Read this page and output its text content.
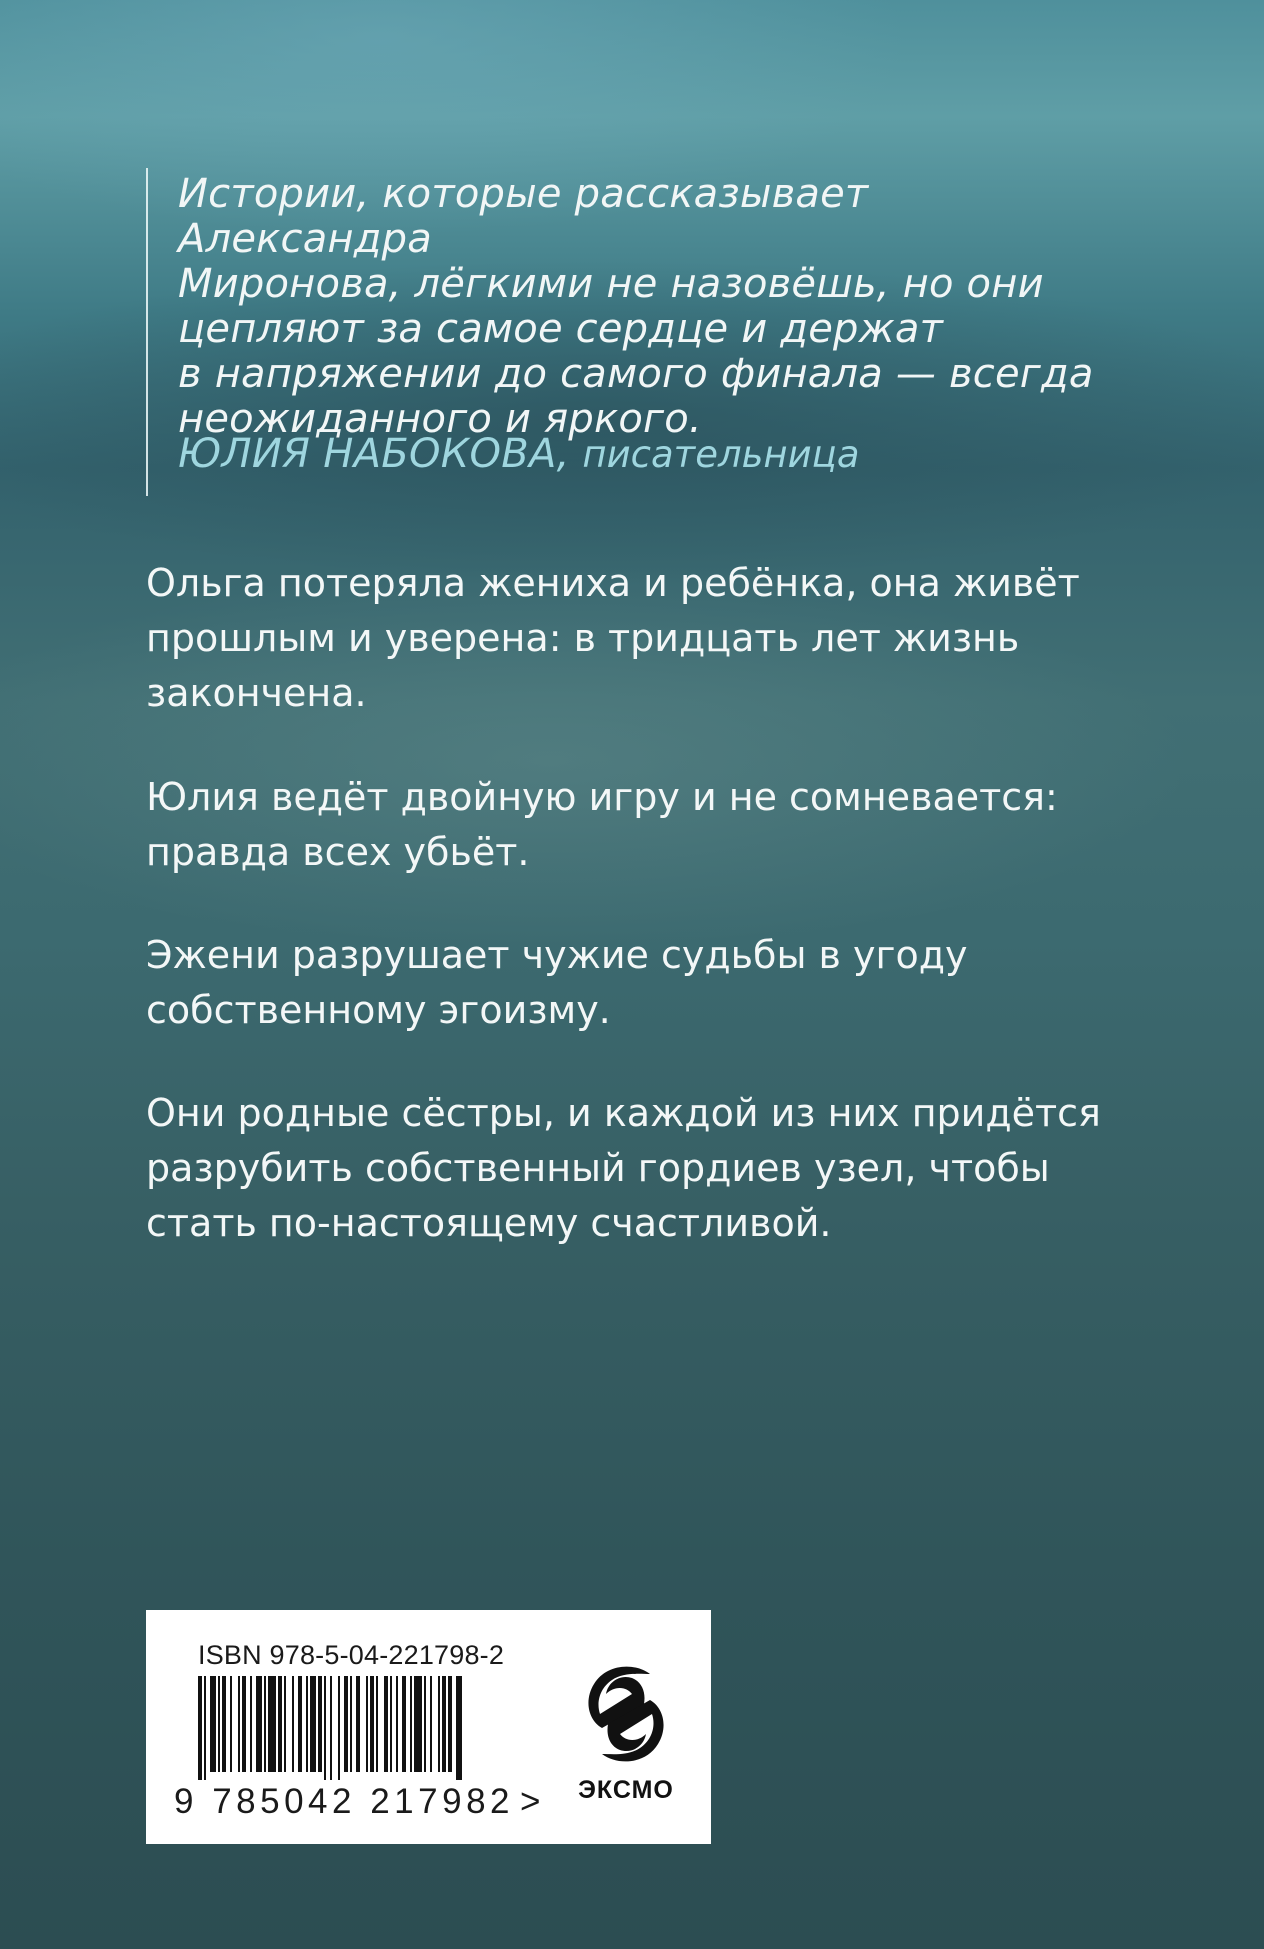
Истории, которые рассказывает Александра
Миронова, лёгкими не назовёшь, но они
цепляют за самое сердце и держат
в напряжении до самого финала — всегда
неожиданного и яркого.
ЮЛИЯ НАБОКОВА, писательница
Ольга потеряла жениха и ребёнка, она живёт
прошлым и уверена: в тридцать лет жизнь
закончена.
Юлия ведёт двойную игру и не сомневается:
правда всех убьёт.
Эжени разрушает чужие судьбы в угоду
собственному эгоизму.
Они родные сёстры, и каждой из них придётся
разрубить собственный гордиев узел, чтобы
стать по-настоящему счастливой.
ISBN 978-5-04-221798-2
9 785042 217982 > ЭКСМО
